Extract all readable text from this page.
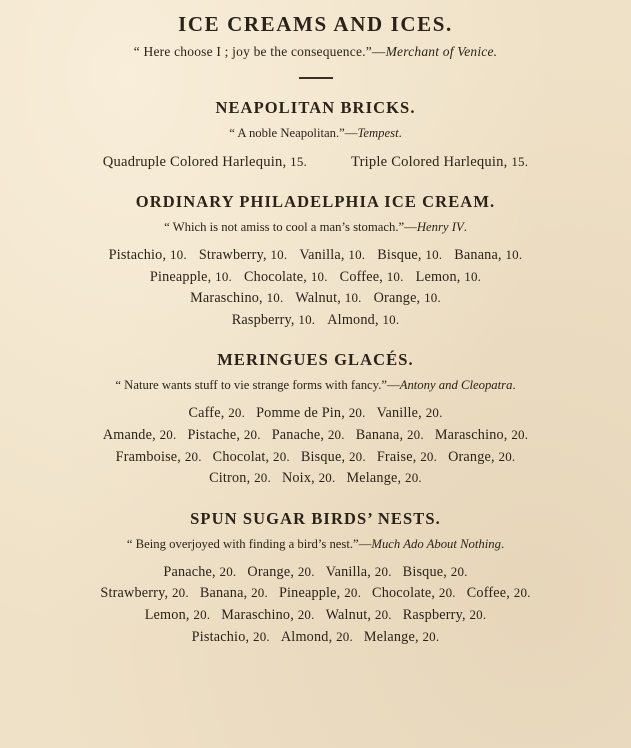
ICE CREAMS AND ICES.

“ Here choose I ; joy be the consequence.”—Merchant of Venice.

NEAPOLITAN BRICKS.

“ A noble Neapolitan.”—Tempest.

Quadruple Colored Harlequin, 15.	Triple Colored Harlequin, 15.
ORDINARY PHILADELPHIA ICE CREAM.

“ Which is not amiss to cool a man’s stomach.”—Henry IV.

Pistachio, 10. Strawberry, 10. Vanilla, 10. Bisque, 10. Banana, 10.
Pineapple, 10. Chocolate, 10. Coffee, 10. Lemon, 10.
Maraschino, 10. Walnut, 10. Orange, 10.
Raspberry, 10. Almond, 10.
MERINGUES GLACÉS.

“ Nature wants stuff to vie strange forms with fancy.”—Antony and Cleopatra.

Caffe, 20. Pomme de Pin, 20. Vanille, 20.
Amande, 20. Pistache, 20. Panache, 20. Banana, 20. Maraschino, 20.
Framboise, 20. Chocolat, 20. Bisque, 20. Fraise, 20. Orange, 20.
Citron, 20. Noix, 20. Melange, 20.
SPUN SUGAR BIRDS’ NESTS.

“ Being overjoyed with finding a bird’s nest.”—Much Ado About Nothing.

Panache, 20. Orange, 20. Vanilla, 20. Bisque, 20.
Strawberry, 20. Banana, 20. Pineapple, 20. Chocolate, 20. Coffee, 20.
Lemon, 20. Maraschino, 20. Walnut, 20. Raspberry, 20.
Pistachio, 20. Almond, 20. Melange, 20.
